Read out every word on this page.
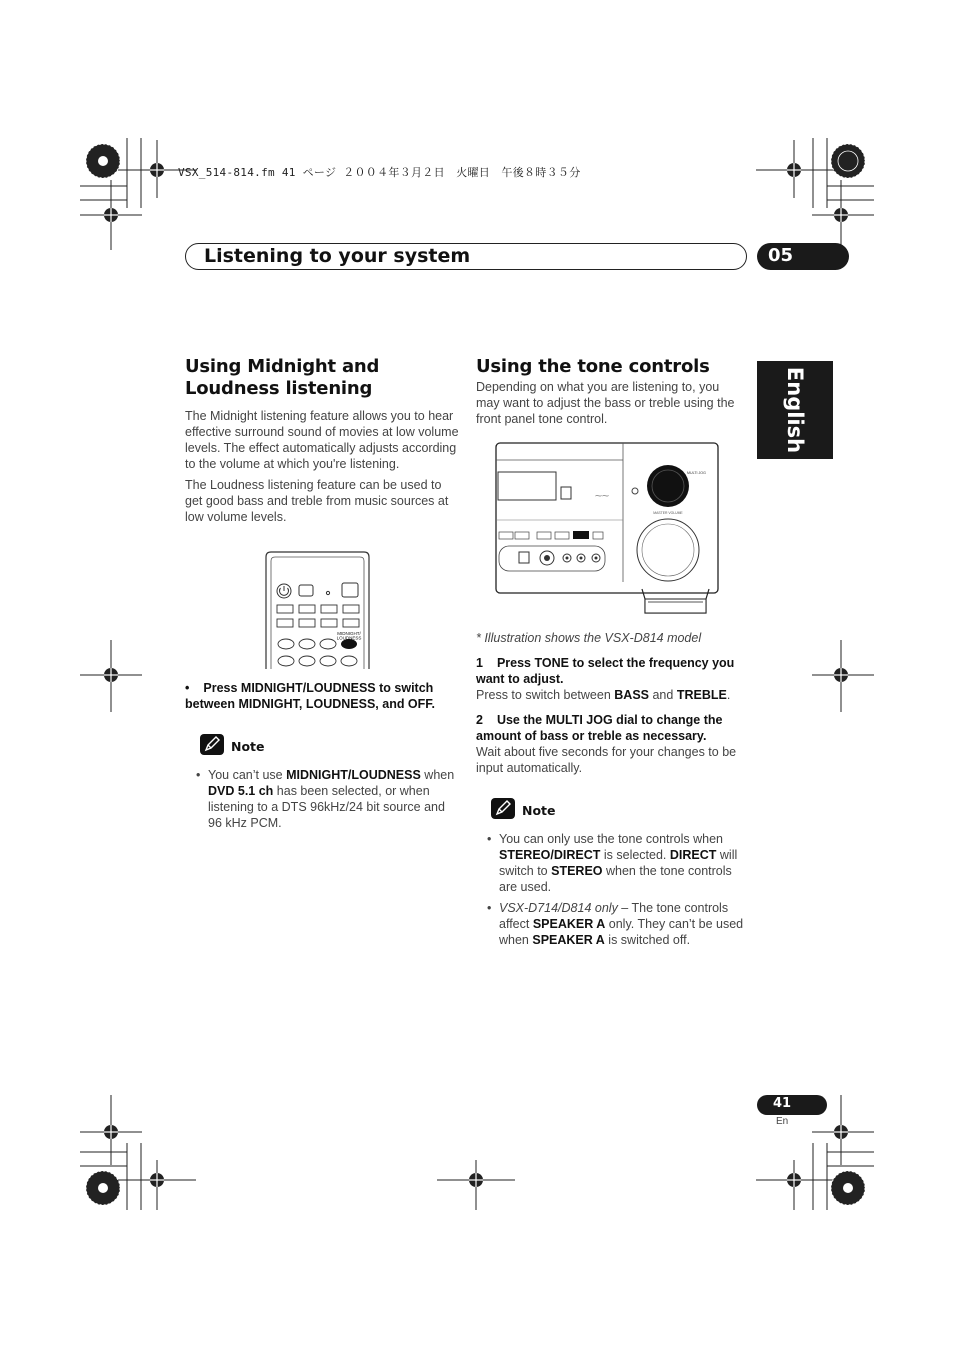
VSX_514-814.fm 41 ページ ２００４年３月２日　火曜日　午後８時３５分
Listening to your system	05
English
Using Midnight and Loudness listening

The Midnight listening feature allows you to hear effective surround sound of movies at low volume levels. The effect automatically adjusts according to the volume at which you're listening.

The Loudness listening feature can be used to get good bass and treble from music sources at low volume levels.

MIDNIGHT/
LOUDNESS
• Press MIDNIGHT/LOUDNESS to switch between MIDNIGHT, LOUDNESS, and OFF.
Note
• You can’t use MIDNIGHT/LOUDNESS when DVD 5.1 ch has been selected, or when listening to a DTS 96kHz/24 bit source and 96 kHz PCM.
Using the tone controls

Depending on what you are listening to, you may want to adjust the bass or treble using the front panel tone control.

⁓⁓
MULTI JOG
MASTER VOLUME
* Illustration shows the VSX-D814 model
1 Press TONE to select the frequency you want to adjust.
Press to switch between BASS and TREBLE.
2 Use the MULTI JOG dial to change the amount of bass or treble as necessary.
Wait about five seconds for your changes to be input automatically.
Note
• You can only use the tone controls when STEREO/DIRECT is selected. DIRECT will switch to STEREO when the tone controls are used.
• VSX-D714/D814 only – The tone controls affect SPEAKER A only. They can’t be used when SPEAKER A is switched off.
41
En
